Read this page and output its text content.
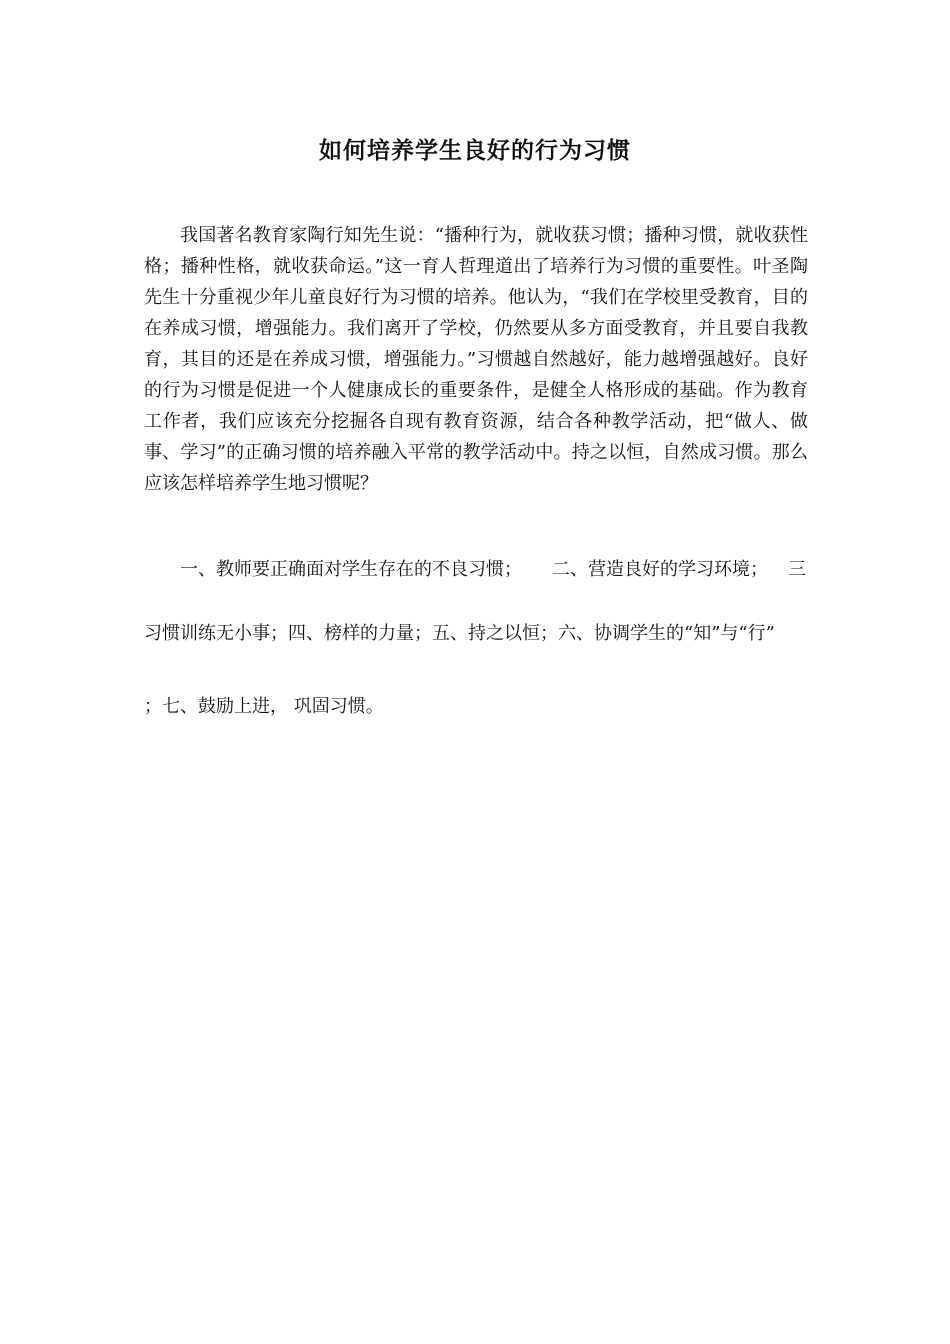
如何培养学生良好的行为习惯

我国著名教育家陶行知先生说：“播种行为，就收获习惯；播种习惯，就收获性格；播种性格，就收获命运。”这一育人哲理道出了培养行为习惯的重要性。叶圣陶先生十分重视少年儿童良好行为习惯的培养。他认为，“我们在学校里受教育，目的在养成习惯，增强能力。我们离开了学校，仍然要从多方面受教育，并且要自我教育，其目的还是在养成习惯，增强能力。”习惯越自然越好，能力越增强越好。良好的行为习惯是促进一个人健康成长的重要条件，是健全人格形成的基础。作为教育工作者，我们应该充分挖掘各自现有教育资源，结合各种教学活动，把“做人、做事、学习”的正确习惯的培养融入平常的教学活动中。持之以恒，自然成习惯。那么应该怎样培养学生地习惯呢？

一、教师要正确面对学生存在的不良习惯； 二、营造良好的学习环境； 三

习惯训练无小事；四、榜样的力量；五、持之以恒；六、协调学生的“知”与“行”

；七、鼓励上进， 巩固习惯。
